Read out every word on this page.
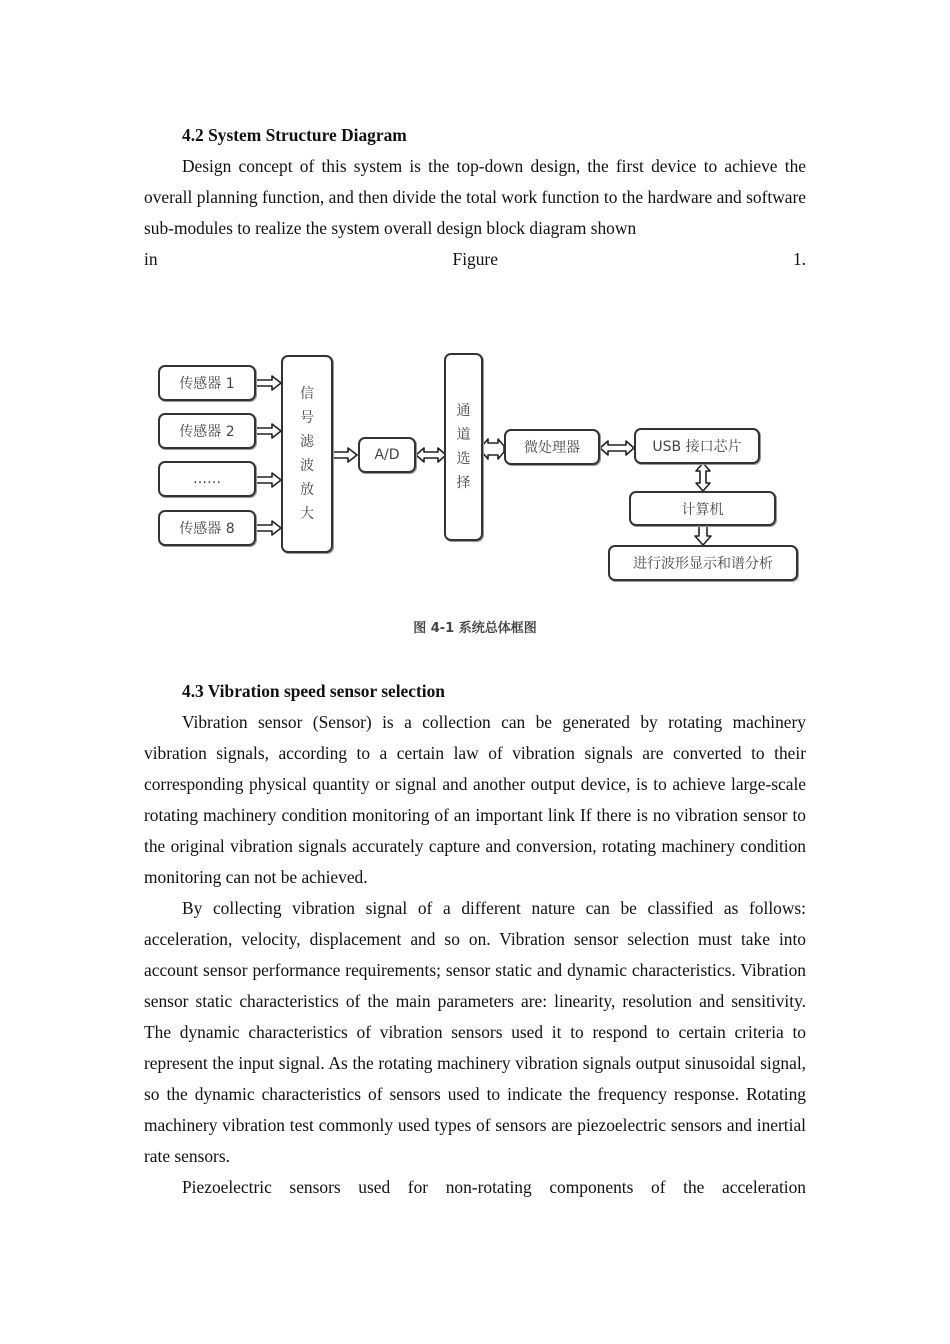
4.2 System Structure Diagram

Design concept of this system is the top-down design, the first device to achieve the overall planning function, and then divide the total work function to the hardware and software sub-modules to realize the system overall design block diagram shown

in	Figure	1.

传感器 1
传感器 2
……
传感器 8
信
号
滤
波
放
大
A/D
通
道
选
择
微处理器	USB 接口芯片
计算机
进行波形显示和谱分析
图 4-1 系统总体框图

4.3 Vibration speed sensor selection

Vibration sensor (Sensor) is a collection can be generated by rotating machinery vibration signals, according to a certain law of vibration signals are converted to their corresponding physical quantity or signal and another output device, is to achieve large-scale rotating machinery condition monitoring of an important link If there is no vibration sensor to the original vibration signals accurately capture and conversion, rotating machinery condition monitoring can not be achieved.

By collecting vibration signal of a different nature can be classified as follows: acceleration, velocity, displacement and so on. Vibration sensor selection must take into account sensor performance requirements; sensor static and dynamic characteristics. Vibration sensor static characteristics of the main parameters are: linearity, resolution and sensitivity. The dynamic characteristics of vibration sensors used it to respond to certain criteria to represent the input signal. As the rotating machinery vibration signals output sinusoidal signal, so the dynamic characteristics of sensors used to indicate the frequency response. Rotating machinery vibration test commonly used types of sensors are piezoelectric sensors and inertial rate sensors.

Piezoelectric sensors used for non-rotating components of the acceleration
